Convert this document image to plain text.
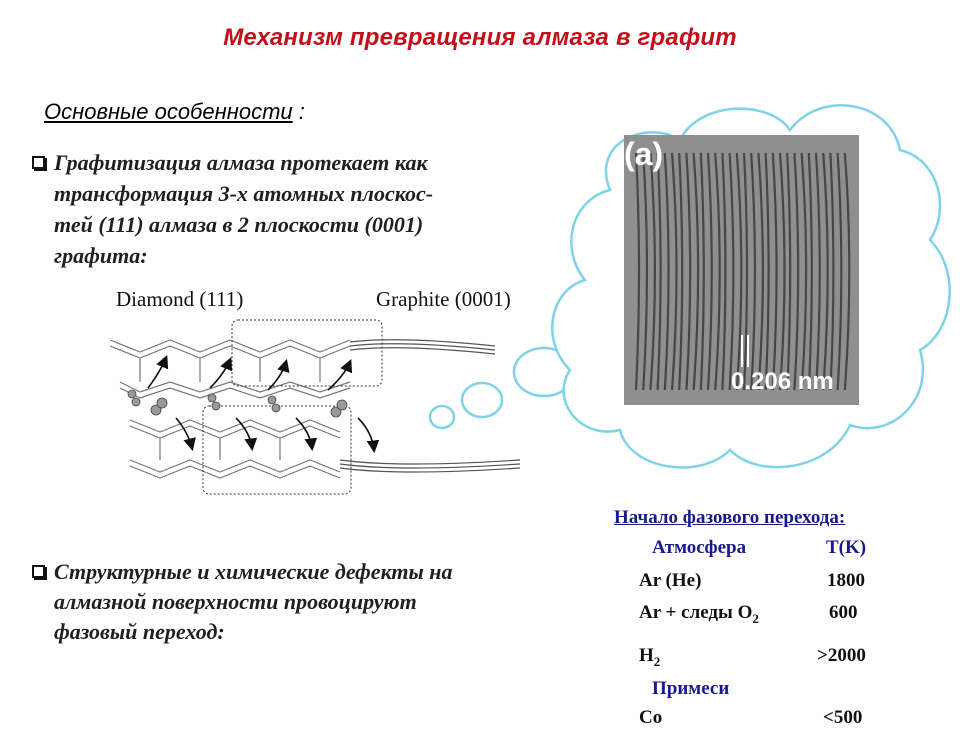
Механизм превращения алмаза в графит
Основные особенности :
Графитизация алмаза протекает как
трансформация 3-х атомных плоскос-
тей (111) алмаза в 2 плоскости (0001)
графита:
Структурные и химические дефекты на
алмазной поверхности провоцируют
фазовый переход:
Diamond (111)	Graphite (0001)
(a)
0.206 nm
Начало фазового перехода:
Атмосфера	T(K)
Ar (He)	1800
Ar + следы $O_2$	600
$H_2$	>2000
Примеси
Co	<500
